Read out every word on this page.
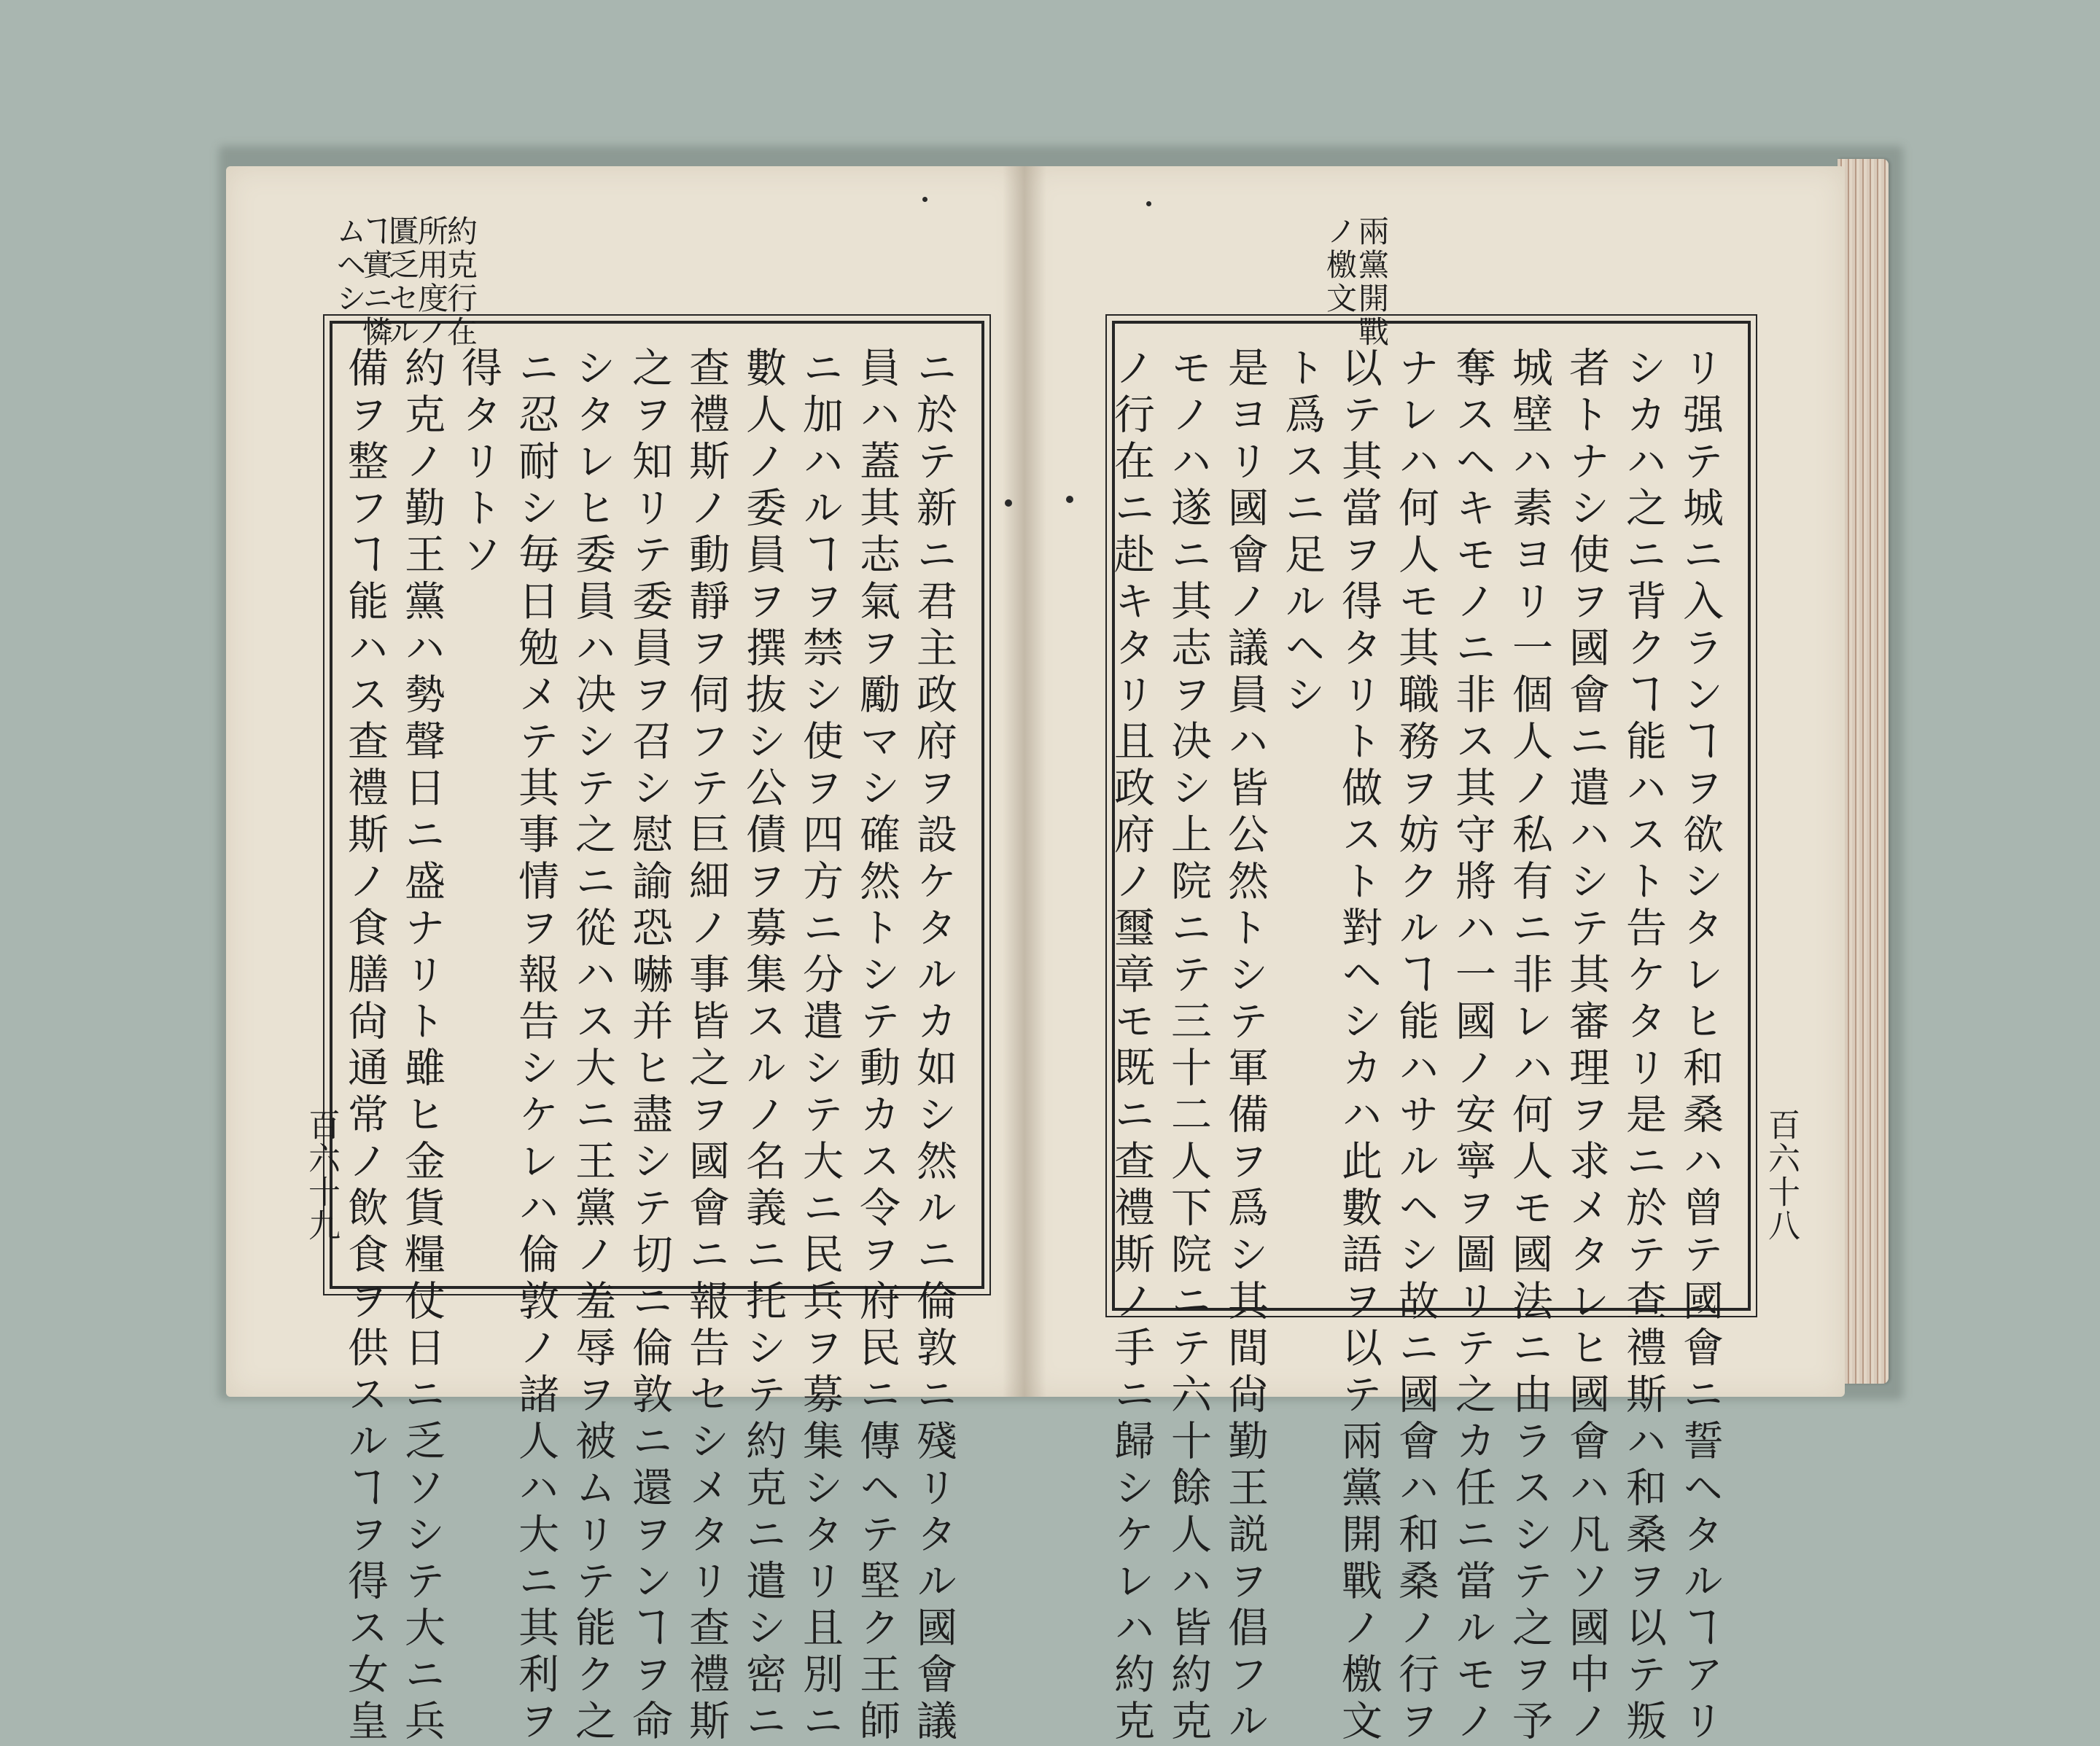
約克行在
所用度ノ
匱乏セル
ヿ實ニ憐
ムヘシ
ニ於テ新ニ君主政府ヲ設ケタルカ如シ然ルニ倫敦ニ殘リタル國會議
員ハ蓋其志氣ヲ勵マシ確然トシテ動カス令ヲ府民ニ傳ヘテ堅ク王師
ニ加ハルヿヲ禁シ使ヲ四方ニ分遣シテ大ニ民兵ヲ募集シタリ且別ニ
數人ノ委員ヲ撰抜シ公債ヲ募集スルノ名義ニ托シテ約克ニ遣シ密ニ
查禮斯ノ動靜ヲ伺フテ巨細ノ事皆之ヲ國會ニ報告セシメタリ查禮斯
之ヲ知リテ委員ヲ召シ慰諭恐嚇并ヒ盡シテ切ニ倫敦ニ還ヲンヿヲ命
シタレヒ委員ハ决シテ之ニ從ハス大ニ王黨ノ羞辱ヲ被ムリテ能ク之
ニ忍耐シ毎日勉メテ其事情ヲ報告シケレハ倫敦ノ諸人ハ大ニ其利ヲ
得タリトソ
約克ノ勤王黨ハ勢聲日ニ盛ナリト雖ヒ金貨糧仗日ニ乏ソシテ大ニ兵
備ヲ整フヿ能ハス查禮斯ノ食膳尙通常ノ飲食ヲ供スルヿヲ得ス女皇
百六十九
兩黨開戰
ノ檄文
リ强テ城ニ入ランヿヲ欲シタレヒ和桑ハ曾テ國會ニ誓ヘタルヿアリ
シカハ之ニ背クヿ能ハスト告ケタリ是ニ於テ查禮斯ハ和桑ヲ以テ叛
者トナシ使ヲ國會ニ遣ハシテ其審理ヲ求メタレヒ國會ハ凡ソ國中ノ
城壁ハ素ヨリ一個人ノ私有ニ非レハ何人モ國法ニ由ラスシテ之ヲ予
奪スヘキモノニ非ス其守將ハ一國ノ安寧ヲ圖リテ之カ任ニ當ルモノ
ナレハ何人モ其職務ヲ妨クルヿ能ハサルヘシ故ニ國會ハ和桑ノ行ヲ
以テ其當ヲ得タリト做スト對ヘシカハ此數語ヲ以テ兩黨開戰ノ檄文
ト爲スニ足ルヘシ
是ヨリ國會ノ議員ハ皆公然トシテ軍備ヲ爲シ其間尙勤王説ヲ倡フル
モノハ遂ニ其志ヲ决シ上院ニテ三十二人下院ニテ六十餘人ハ皆約克
ノ行在ニ赴キタリ且政府ノ璽章モ既ニ查禮斯ノ手ニ歸シケレハ約克	百六十八
